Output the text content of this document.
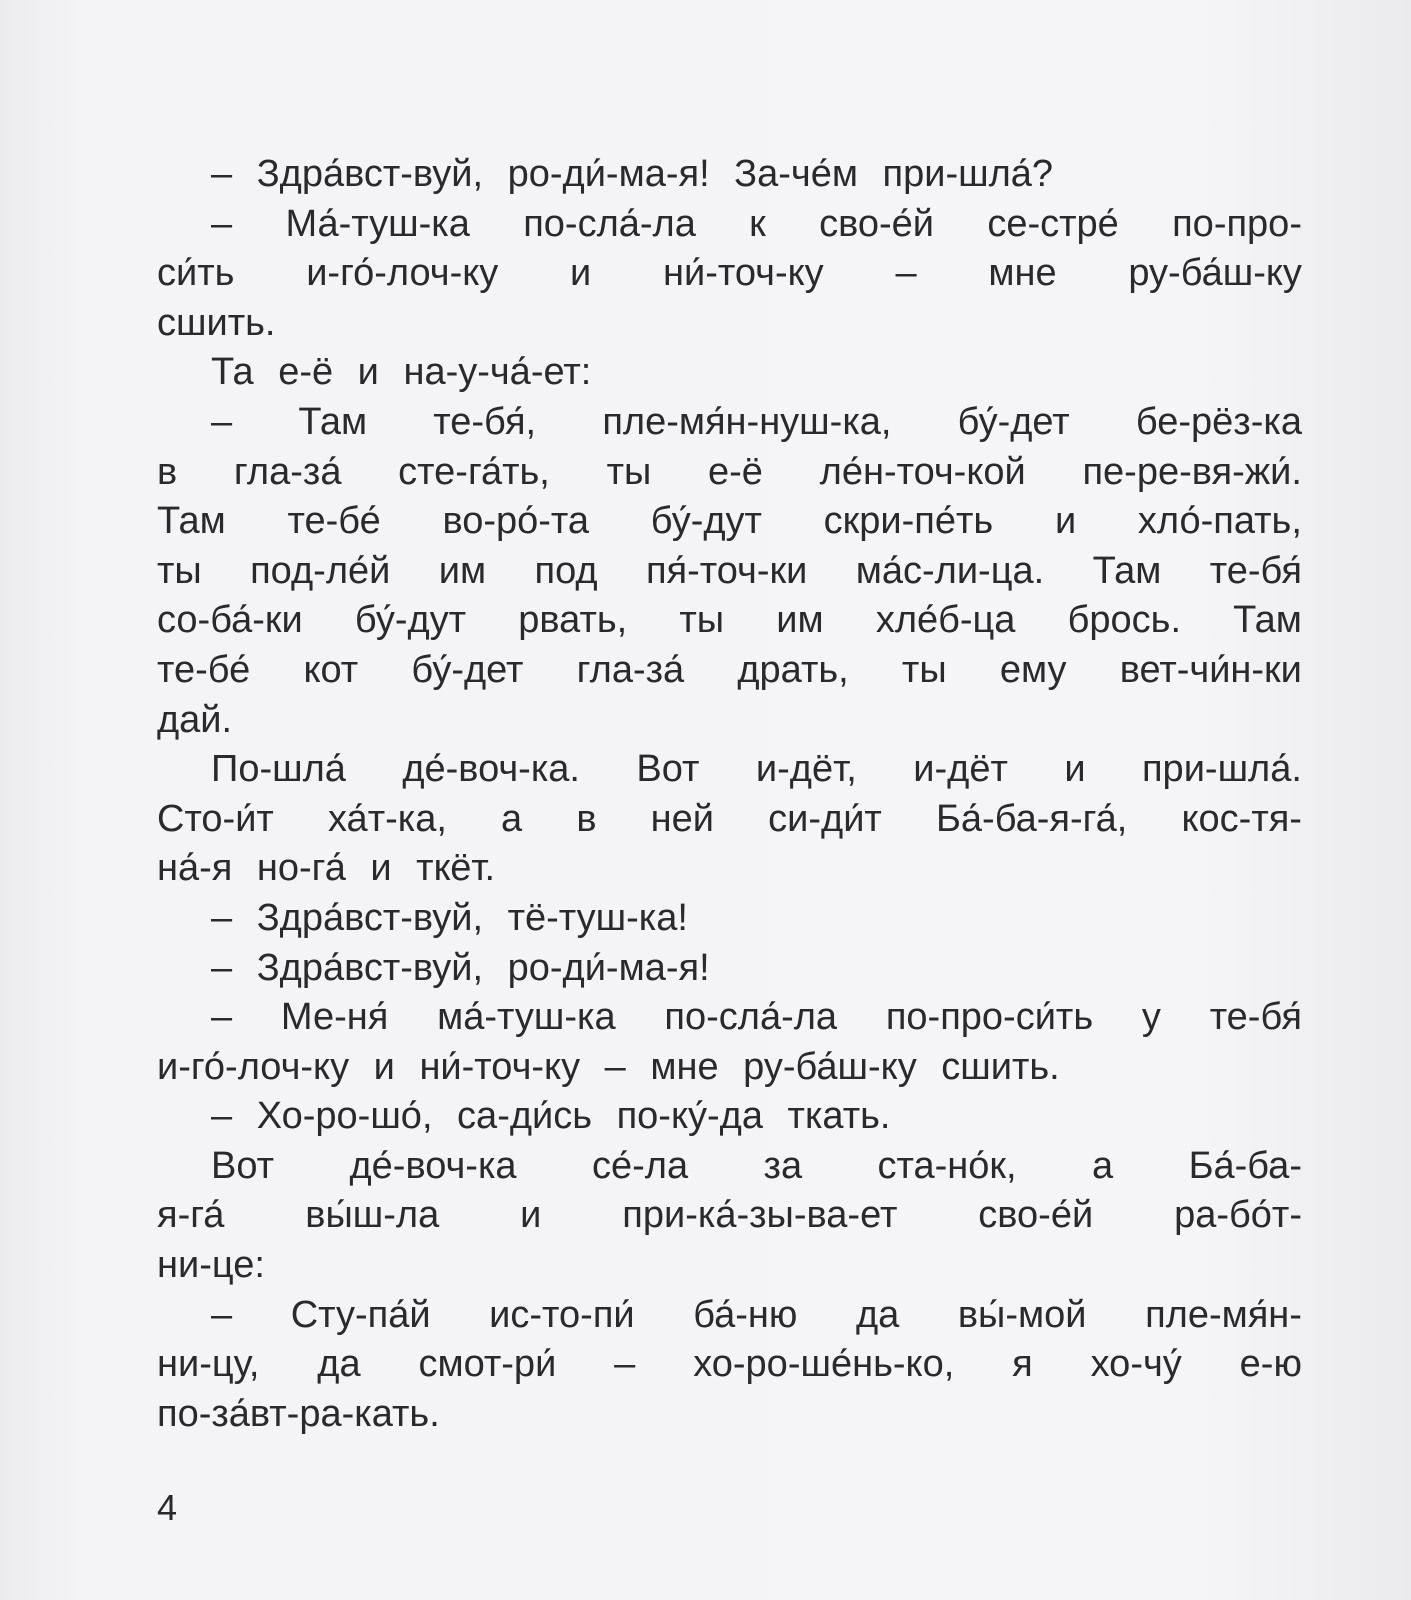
– Здра́вст-вуй, ро-ди́-ма-я! За-че́м при-шла́?
– Ма́-туш-ка по-сла́-ла к сво-е́й се-стре́ по-про-
си́ть и-го́-лоч-ку и ни́-точ-ку – мне ру-ба́ш-ку
сшить.
Та е-ё и на-у-ча́-ет:
– Там те-бя́, пле-мя́н-нуш-ка, бу́-дет бе-рёз-ка
в гла-за́ сте-га́ть, ты е-ё ле́н-точ-кой пе-ре-вя-жи́.
Там те-бе́ во-ро́-та бу́-дут скри-пе́ть и хло́-пать,
ты под-ле́й им под пя́-точ-ки ма́с-ли-ца. Там те-бя́
со-ба́-ки бу́-дут рвать, ты им хле́б-ца брось. Там
те-бе́ кот бу́-дет гла-за́ драть, ты ему вет-чи́н-ки
дай.
По-шла́ де́-воч-ка. Вот и-дёт, и-дёт и при-шла́.
Сто-и́т ха́т-ка, а в ней си-ди́т Ба́-ба-я-га́, кос-тя-
на́-я но-га́ и ткёт.
– Здра́вст-вуй, тё-туш-ка!
– Здра́вст-вуй, ро-ди́-ма-я!
– Ме-ня́ ма́-туш-ка по-сла́-ла по-про-си́ть у те-бя́
и-го́-лоч-ку и ни́-точ-ку – мне ру-ба́ш-ку сшить.
– Хо-ро-шо́, са-ди́сь по-ку́-да ткать.
Вот де́-воч-ка се́-ла за ста-но́к, а Ба́-ба-
я-га́ вы́ш-ла и при-ка́-зы-ва-ет сво-е́й ра-бо́т-
ни-це:
– Сту-па́й ис-то-пи́ ба́-ню да вы́-мой пле-мя́н-
ни-цу, да смот-ри́ – хо-ро-ше́нь-ко, я хо-чу́ е-ю
по-за́вт-ра-кать.
4
